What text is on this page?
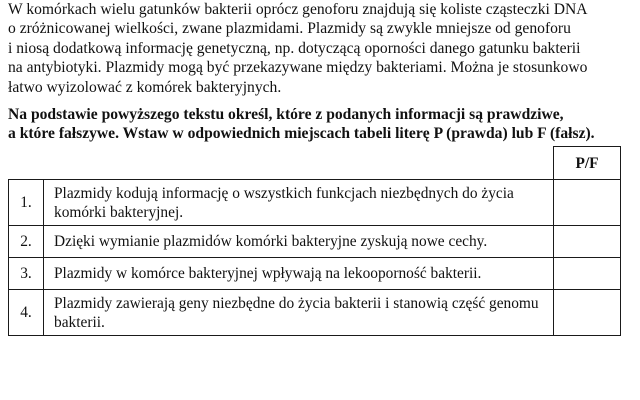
W komórkach wielu gatunków bakterii oprócz genoforu znajdują się koliste cząsteczki DNA
o zróżnicowanej wielkości, zwane plazmidami. Plazmidy są zwykle mniejsze od genoforu
i niosą dodatkową informację genetyczną, np. dotyczącą oporności danego gatunku bakterii
na antybiotyki. Plazmidy mogą być przekazywane między bakteriami. Można je stosunkowo
łatwo wyizolować z komórek bakteryjnych.

Na podstawie powyższego tekstu określ, które z podanych informacji są prawdziwe,
a które fałszywe. Wstaw w odpowiednich miejscach tabeli literę P (prawda) lub F (fałsz).

		P/F
1.	Plazmidy kodują informację o wszystkich funkcjach niezbędnych do życia
komórki bakteryjnej.	

2.	Dzięki wymianie plazmidów komórki bakteryjne zyskują nowe cechy.	

3.	Plazmidy w komórce bakteryjnej wpływają na lekooporność bakterii.	

4.	Plazmidy zawierają geny niezbędne do życia bakterii i stanowią część genomu
bakterii.	
